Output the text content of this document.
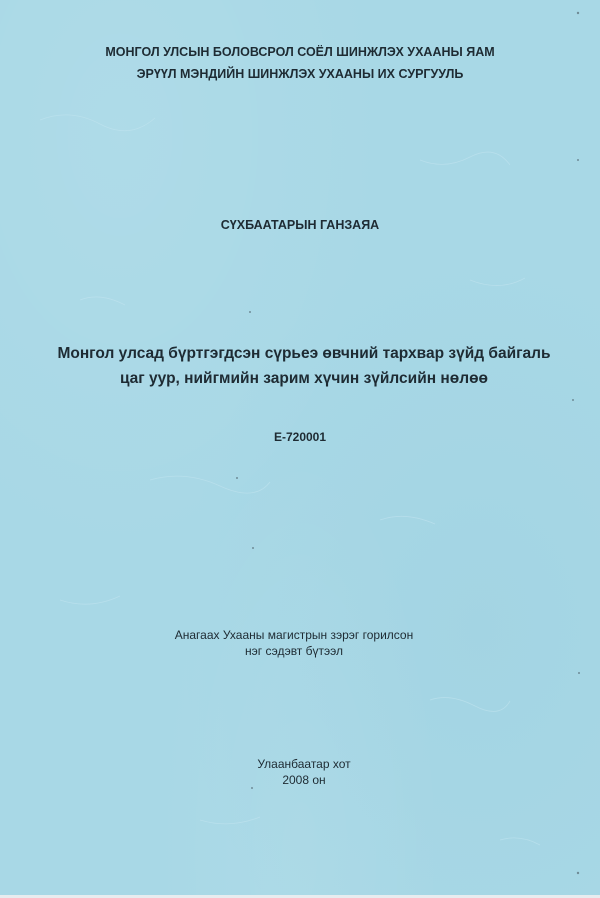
МОНГОЛ УЛСЫН БОЛОВСРОЛ СОЁЛ ШИНЖЛЭХ УХААНЫ ЯАМ
ЭРҮҮЛ МЭНДИЙН ШИНЖЛЭХ УХААНЫ ИХ СУРГУУЛЬ
СҮХБААТАРЫН ГАНЗАЯА
Монгол улсад бүртгэгдсэн сүрьеэ өвчний тархвар зүйд байгаль
цаг уур, нийгмийн зарим хүчин зүйлсийн нөлөө
E-720001
Анагаах Ухааны магистрын зэрэг горилсон
нэг сэдэвт бүтээл
Улаанбаатар хот
2008 он
